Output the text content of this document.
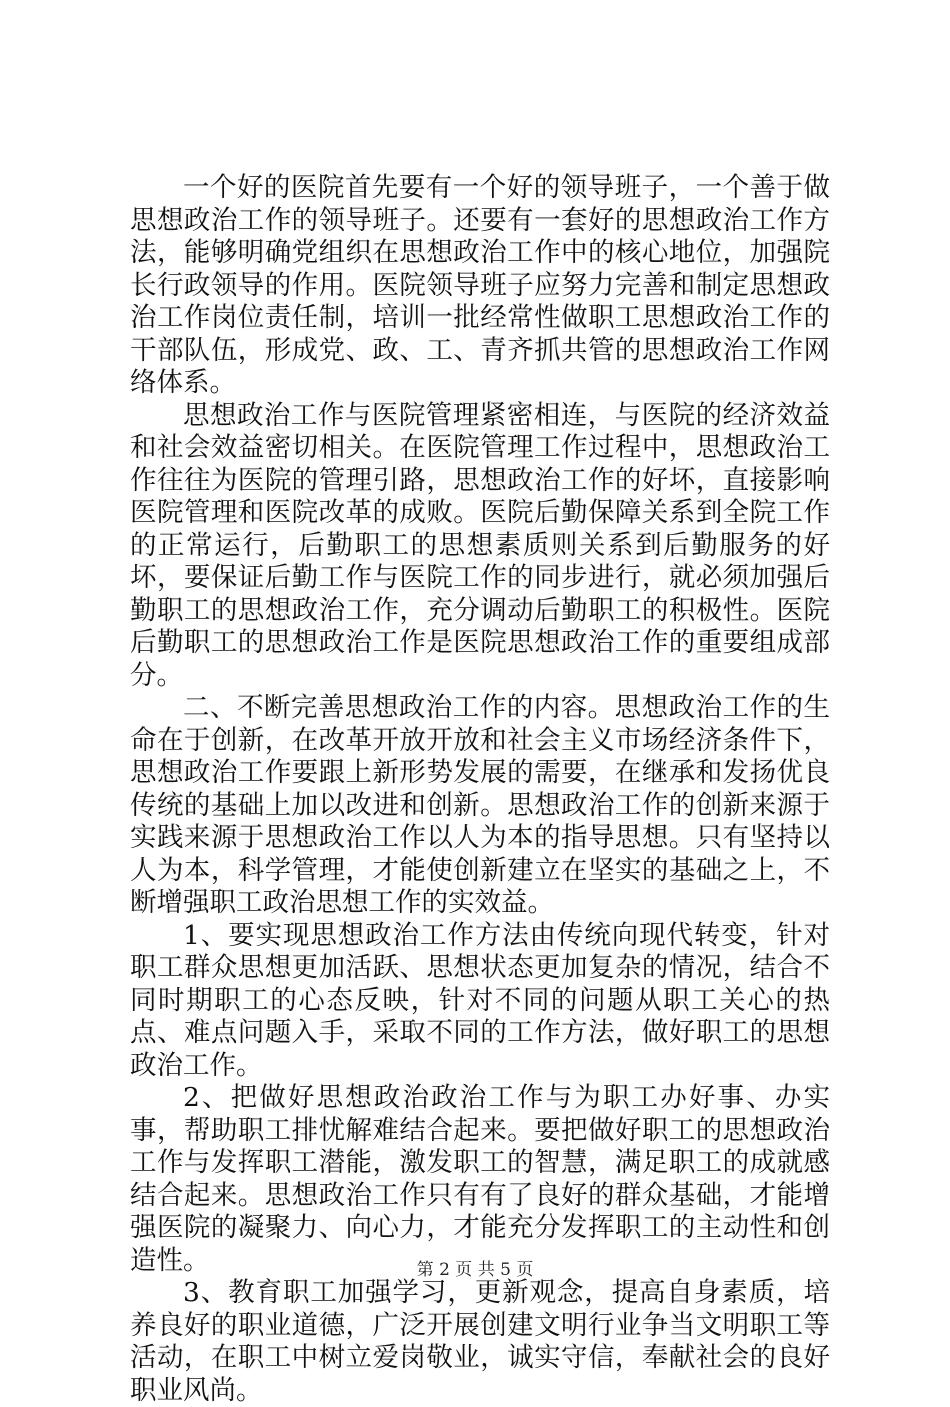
一个好的医院首先要有一个好的领导班子，一个善于做思想政治工作的领导班子。还要有一套好的思想政治工作方法，能够明确党组织在思想政治工作中的核心地位，加强院长行政领导的作用。医院领导班子应努力完善和制定思想政治工作岗位责任制，培训一批经常性做职工思想政治工作的干部队伍，形成党、政、工、青齐抓共管的思想政治工作网络体系。

思想政治工作与医院管理紧密相连，与医院的经济效益和社会效益密切相关。在医院管理工作过程中，思想政治工作往往为医院的管理引路，思想政治工作的好坏，直接影响医院管理和医院改革的成败。医院后勤保障关系到全院工作的正常运行，后勤职工的思想素质则关系到后勤服务的好坏，要保证后勤工作与医院工作的同步进行，就必须加强后勤职工的思想政治工作，充分调动后勤职工的积极性。医院后勤职工的思想政治工作是医院思想政治工作的重要组成部分。

二、不断完善思想政治工作的内容。思想政治工作的生命在于创新，在改革开放开放和社会主义市场经济条件下，思想政治工作要跟上新形势发展的需要，在继承和发扬优良传统的基础上加以改进和创新。思想政治工作的创新来源于实践来源于思想政治工作以人为本的指导思想。只有坚持以人为本，科学管理，才能使创新建立在坚实的基础之上，不断增强职工政治思想工作的实效益。

1、要实现思想政治工作方法由传统向现代转变，针对职工群众思想更加活跃、思想状态更加复杂的情况，结合不同时期职工的心态反映，针对不同的问题从职工关心的热点、难点问题入手，采取不同的工作方法，做好职工的思想政治工作。

2、把做好思想政治政治工作与为职工办好事、办实事，帮助职工排忧解难结合起来。要把做好职工的思想政治工作与发挥职工潜能，激发职工的智慧，满足职工的成就感结合起来。思想政治工作只有有了良好的群众基础，才能增强医院的凝聚力、向心力，才能充分发挥职工的主动性和创造性。

3、教育职工加强学习，更新观念，提高自身素质，培养良好的职业道德，广泛开展创建文明行业争当文明职工等活动，在职工中树立爱岗敬业，诚实守信，奉献社会的良好职业风尚。

第 2 页 共 5 页
